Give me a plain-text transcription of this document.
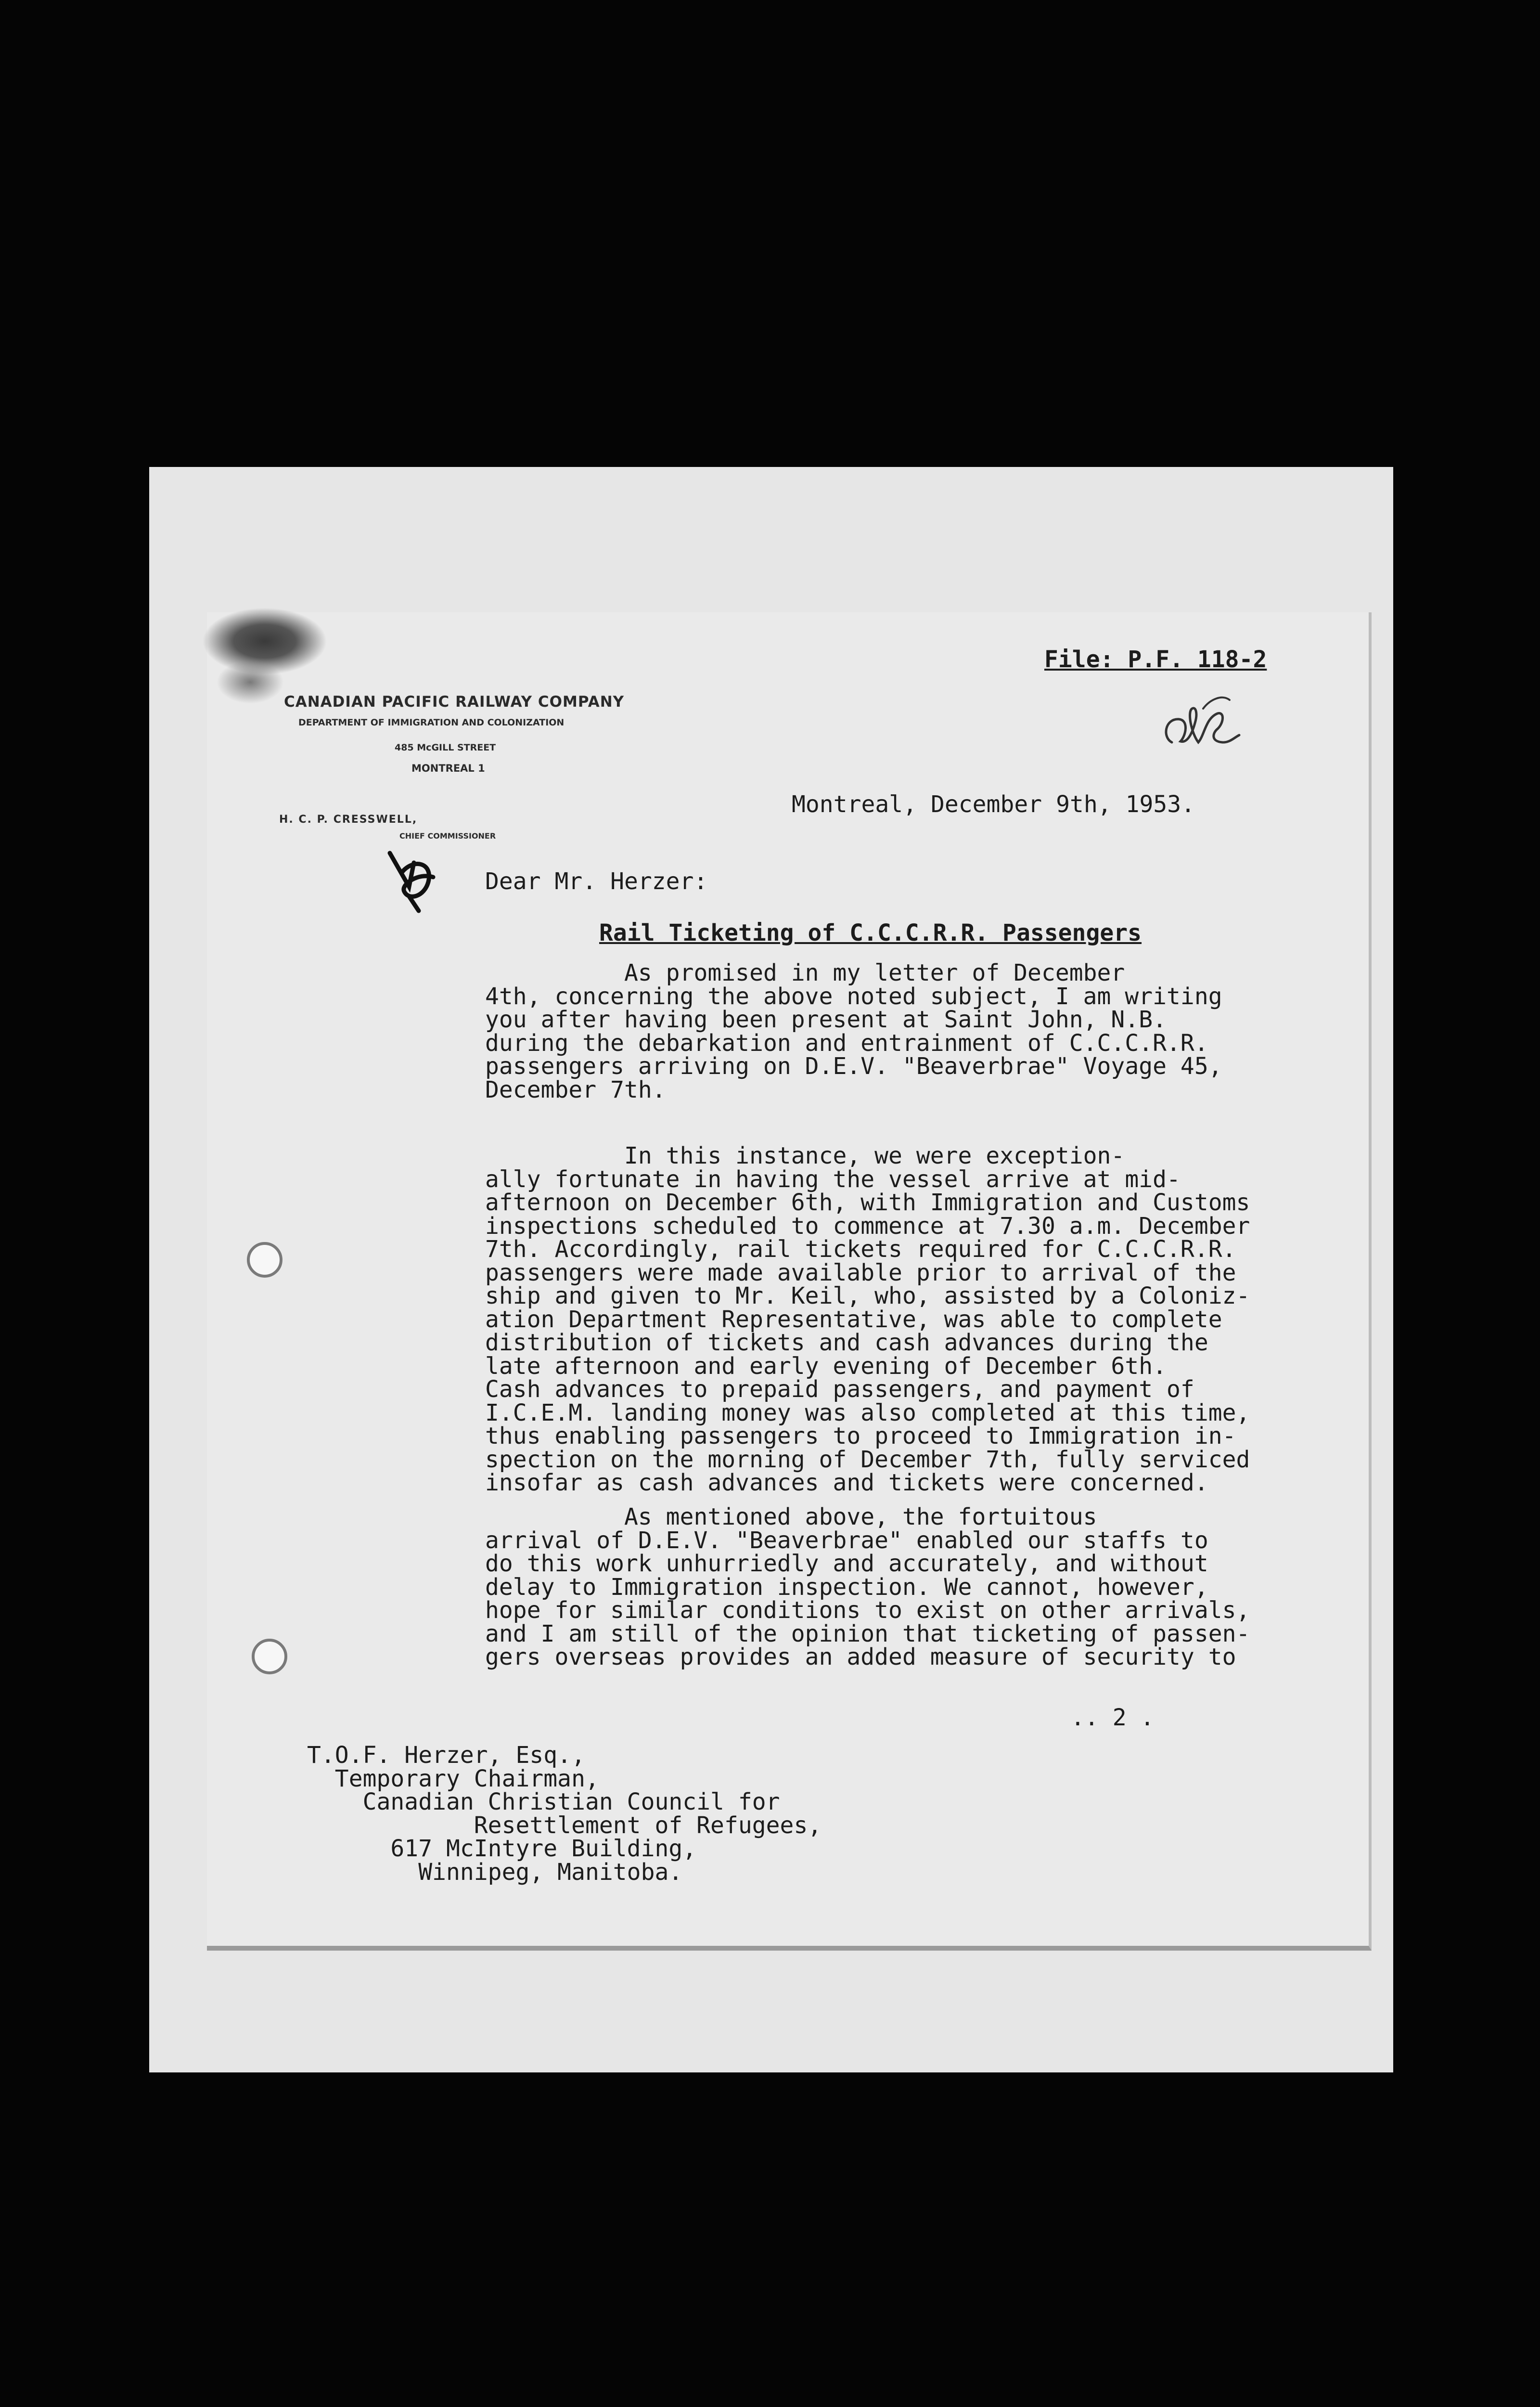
CANADIAN PACIFIC RAILWAY COMPANY
DEPARTMENT OF IMMIGRATION AND COLONIZATION
485 McGILL STREET
MONTREAL 1
H. C. P. CRESSWELL,
CHIEF COMMISSIONER
File: P.F. 118-2
Montreal, December 9th, 1953.
Dear Mr. Herzer:
Rail Ticketing of C.C.C.R.R. Passengers
As promised in my letter of December
4th, concerning the above noted subject, I am writing
you after having been present at Saint John, N.B.
during the debarkation and entrainment of C.C.C.R.R.
passengers arriving on D.E.V. "Beaverbrae" Voyage 45,
December 7th.
In this instance, we were exception-
ally fortunate in having the vessel arrive at mid-
afternoon on December 6th, with Immigration and Customs
inspections scheduled to commence at 7.30 a.m. December
7th. Accordingly, rail tickets required for C.C.C.R.R.
passengers were made available prior to arrival of the
ship and given to Mr. Keil, who, assisted by a Coloniz-
ation Department Representative, was able to complete
distribution of tickets and cash advances during the
late afternoon and early evening of December 6th.
Cash advances to prepaid passengers, and payment of
I.C.E.M. landing money was also completed at this time,
thus enabling passengers to proceed to Immigration in-
spection on the morning of December 7th, fully serviced
insofar as cash advances and tickets were concerned.
As mentioned above, the fortuitous
arrival of D.E.V. "Beaverbrae" enabled our staffs to
do this work unhurriedly and accurately, and without
delay to Immigration inspection. We cannot, however,
hope for similar conditions to exist on other arrivals,
and I am still of the opinion that ticketing of passen-
gers overseas provides an added measure of security to
.. 2 .
T.O.F. Herzer, Esq.,
Temporary Chairman,
Canadian Christian Council for
Resettlement of Refugees,
617 McIntyre Building,
Winnipeg, Manitoba.
